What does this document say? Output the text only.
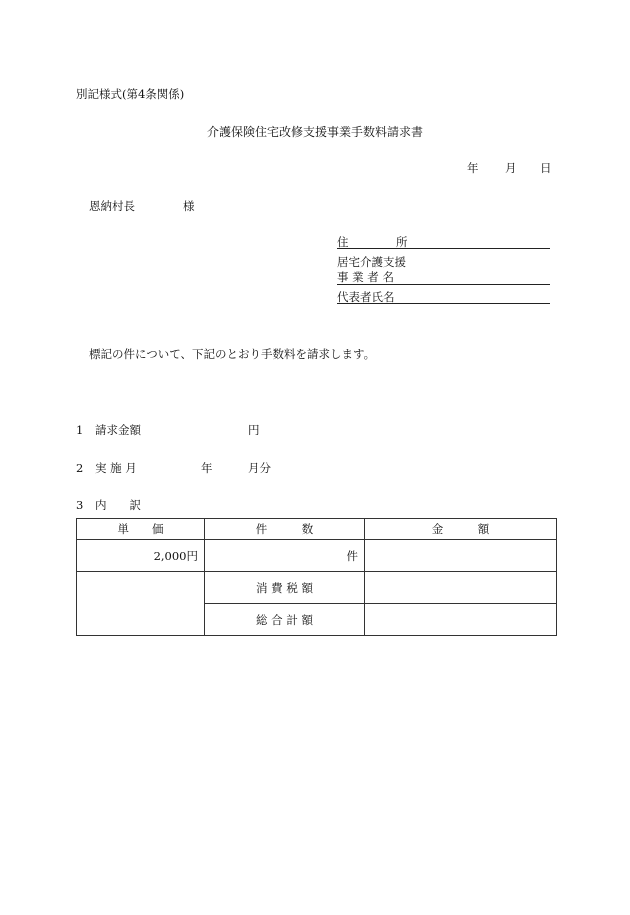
別記様式(第4条関係)
介護保険住宅改修支援事業手数料請求書
年 月 日
恩納村長	様
住	所
居宅介護支援
事 業 者 名
代表者氏名
標記の件について、下記のとおり手数料を請求します。
1 請求金額	円
2 実 施 月	年	月分
3 内　　訳
単　　価	件　　　数	金　　　額
2,000円	件	
	消 費 税 額	
	総 合 計 額	
